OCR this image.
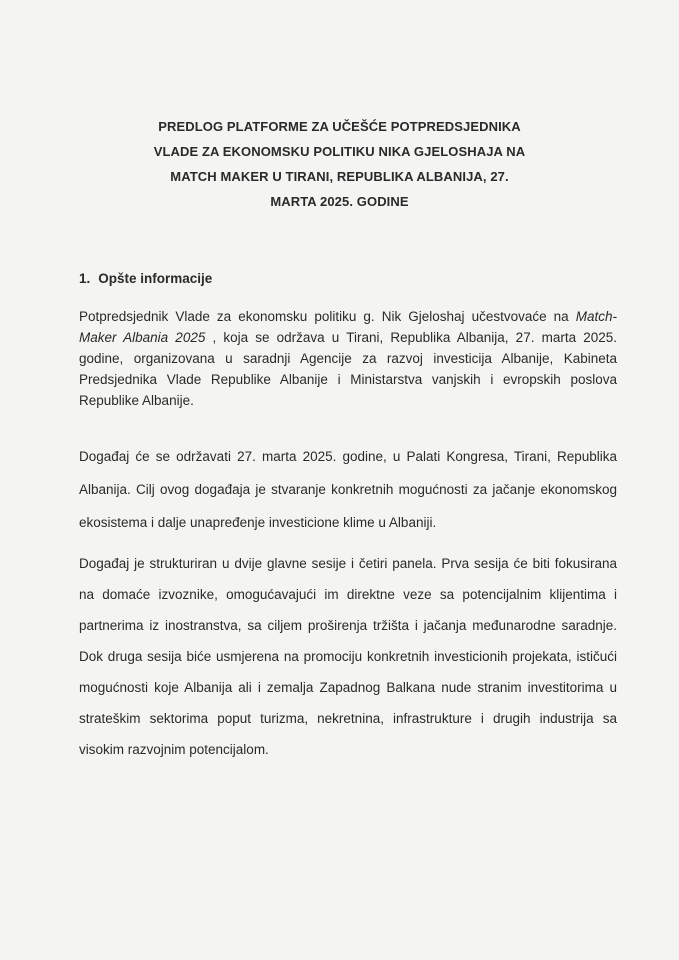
PREDLOG PLATFORME ZA UČEŠĆE POTPREDSJEDNIKA
VLADE ZA EKONOMSKU POLITIKU NIKA GJELOSHAJA NA
MATCH MAKER U TIRANI, REPUBLIKA ALBANIJA, 27.
MARTA 2025. GODINE
1. Opšte informacije
Potpredsjednik Vlade za ekonomsku politiku g. Nik Gjeloshaj učestvovaće na Match-
Maker Albania 2025 , koja se održava u Tirani, Republika Albanija, 27. marta 2025.
godine, organizovana u saradnji Agencije za razvoj investicija Albanije, Kabineta
Predsjednika Vlade Republike Albanije i Ministarstva vanjskih i evropskih poslova
Republike Albanije.
Događaj će se održavati 27. marta 2025. godine, u Palati Kongresa, Tirani, Republika
Albanija. Cilj ovog događaja je stvaranje konkretnih mogućnosti za jačanje ekonomskog
ekosistema i dalje unapređenje investicione klime u Albaniji.
Događaj je strukturiran u dvije glavne sesije i četiri panela. Prva sesija će biti fokusirana
na domaće izvoznike, omogućavajući im direktne veze sa potencijalnim klijentima i
partnerima iz inostranstva, sa ciljem proširenja tržišta i jačanja međunarodne saradnje.
Dok druga sesija biće usmjerena na promociju konkretnih investicionih projekata, ističući
mogućnosti koje Albanija ali i zemalja Zapadnog Balkana nude stranim investitorima u
strateškim sektorima poput turizma, nekretnina, infrastrukture i drugih industrija sa
visokim razvojnim potencijalom.
